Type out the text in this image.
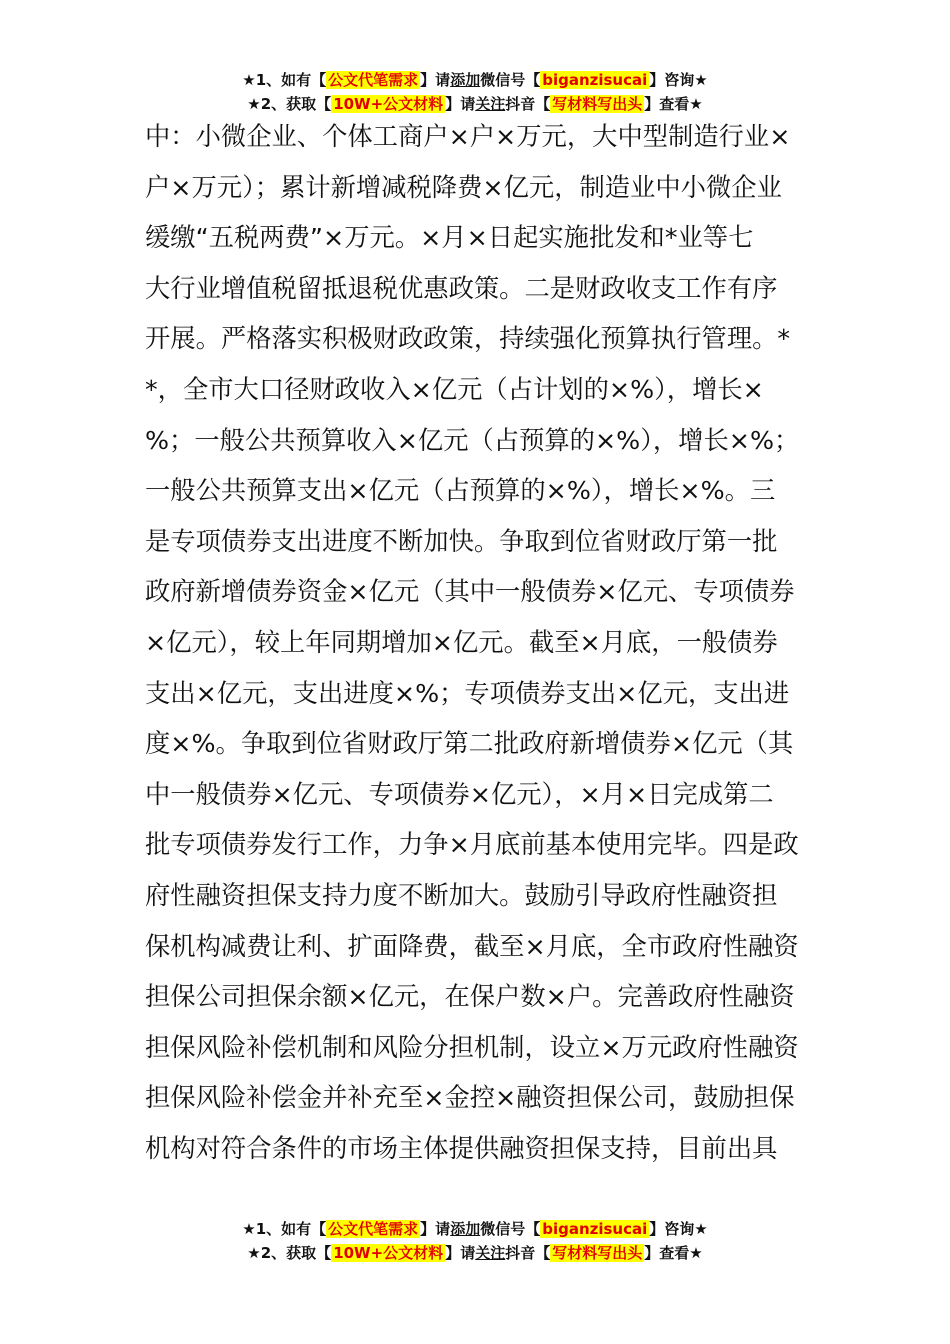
★1、如有【 公文代笔需求 】请添加微信号【 biganzisucai 】咨询★
★2、获取【 10W+公文材料 】请关注抖音【 写材料写出头 】查看★
中：小微企业、个体工商户×户×万元，大中型制造行业×
户×万元）；累计新增减税降费×亿元，制造业中小微企业
缓缴“五税两费”×万元。×月×日起实施批发和*业等七
大行业增值税留抵退税优惠政策。二是财政收支工作有序
开展。严格落实积极财政政策，持续强化预算执行管理。*
*，全市大口径财政收入×亿元（占计划的×%），增长×
%；一般公共预算收入×亿元（占预算的×%），增长×%；
一般公共预算支出×亿元（占预算的×%），增长×%。三
是专项债券支出进度不断加快。争取到位省财政厅第一批
政府新增债券资金×亿元（其中一般债券×亿元、专项债券
×亿元），较上年同期增加×亿元。截至×月底，一般债券
支出×亿元，支出进度×%；专项债券支出×亿元，支出进
度×%。争取到位省财政厅第二批政府新增债券×亿元（其
中一般债券×亿元、专项债券×亿元），×月×日完成第二
批专项债券发行工作，力争×月底前基本使用完毕。四是政
府性融资担保支持力度不断加大。鼓励引导政府性融资担
保机构减费让利、扩面降费，截至×月底，全市政府性融资
担保公司担保余额×亿元，在保户数×户。完善政府性融资
担保风险补偿机制和风险分担机制，设立×万元政府性融资
担保风险补偿金并补充至×金控×融资担保公司，鼓励担保
机构对符合条件的市场主体提供融资担保支持，目前出具
★1、如有【 公文代笔需求 】请添加微信号【 biganzisucai 】咨询★
★2、获取【 10W+公文材料 】请关注抖音【 写材料写出头 】查看★
